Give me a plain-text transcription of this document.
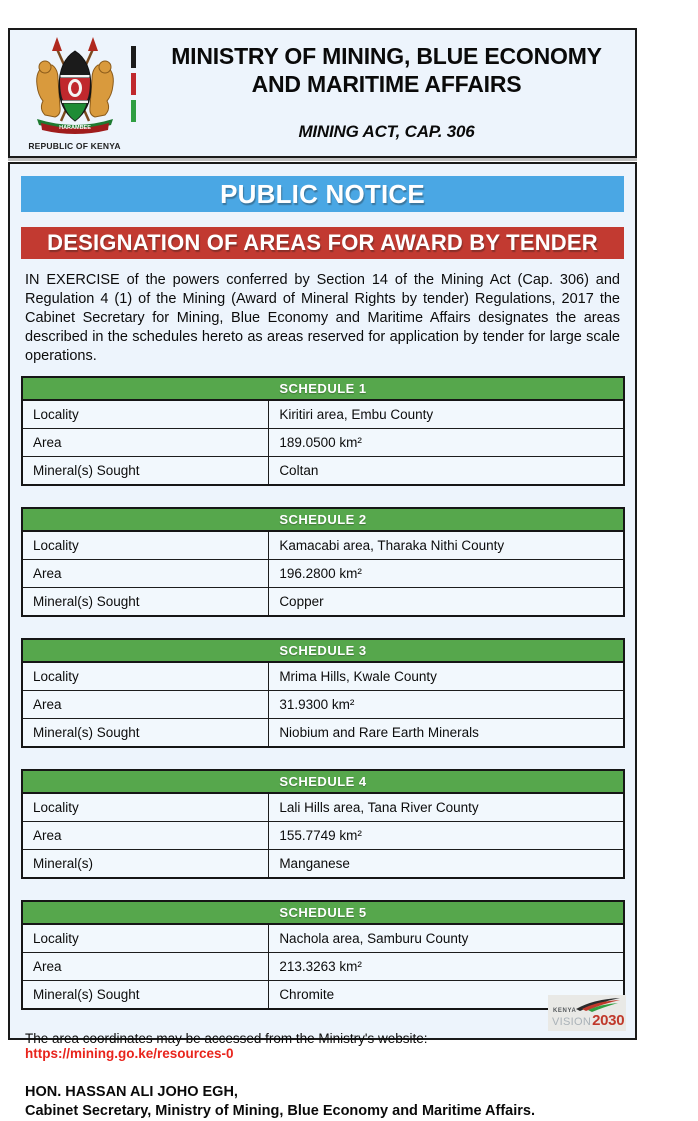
HARAMBEE
REPUBLIC OF KENYA
MINISTRY OF MINING, BLUE ECONOMY
AND MARITIME AFFAIRS
MINING ACT, CAP. 306
PUBLIC NOTICE
DESIGNATION OF AREAS FOR AWARD BY TENDER

IN EXERCISE of the powers conferred by Section 14 of the Mining Act (Cap. 306) and Regulation 4 (1) of the Mining (Award of Mineral Rights by tender) Regulations, 2017 the Cabinet Secretary for Mining, Blue Economy and Maritime Affairs designates the areas described in the schedules hereto as areas reserved for application by tender for large scale operations.

SCHEDULE 1	
Locality	Kiritiri area, Embu County
Area	189.0500 km²
Mineral(s) Sought	Coltan
SCHEDULE 2	
Locality	Kamacabi area, Tharaka Nithi County
Area	196.2800 km²
Mineral(s) Sought	Copper
SCHEDULE 3	
Locality	Mrima Hills, Kwale County
Area	31.9300 km²
Mineral(s) Sought	Niobium and Rare Earth Minerals
SCHEDULE 4	
Locality	Lali Hills area, Tana River County
Area	155.7749 km²
Mineral(s)	Manganese
SCHEDULE 5	
Locality	Nachola area, Samburu County
Area	213.3263 km²
Mineral(s) Sought	Chromite
The area coordinates may be accessed from the Ministry's website: https://mining.go.ke/resources-0
HON. HASSAN ALI JOHO EGH,
Cabinet Secretary, Ministry of Mining, Blue Economy and Maritime Affairs.
KENYA
VISION 2030
